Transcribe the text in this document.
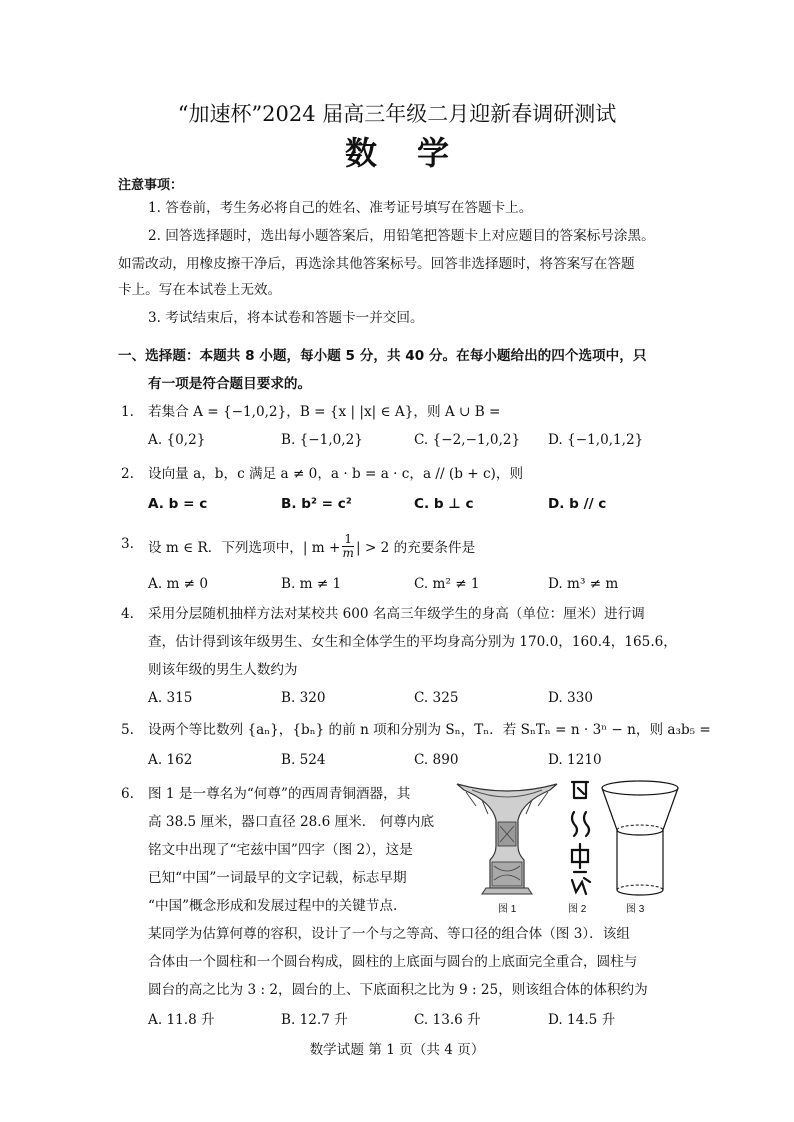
“加速杯”2024 届高三年级二月迎新春调研测试
数学
注意事项：
1. 答卷前，考生务必将自己的姓名、准考证号填写在答题卡上。
2. 回答选择题时，选出每小题答案后，用铅笔把答题卡上对应题目的答案标号涂黑。
如需改动，用橡皮擦干净后，再选涂其他答案标号。回答非选择题时，将答案写在答题
卡上。写在本试卷上无效。
3. 考试结束后，将本试卷和答题卡一并交回。
一、选择题：本题共 8 小题，每小题 5 分，共 40 分。在每小题给出的四个选项中，只
有一项是符合题目要求的。
1. 若集合 A = {−1,0,2}，B = {x | |x| ∈ A}，则 A ∪ B =
A. {0,2}	B. {−1,0,2}	C. {−2,−1,0,2} D. {−1,0,1,2}
2. 设向量 a，b，c 满足 a ≠ 0，a · b = a · c，a // (b + c)，则
A. b = c	B. b² = c²	C. b ⊥ c	D. b // c
3. 设 m ∈ R．下列选项中，| $m + \frac{1}{m}$ | > 2 的充要条件是
A. m ≠ 0	B. m ≠ 1	C. m² ≠ 1	D. m³ ≠ m
4. 采用分层随机抽样方法对某校共 600 名高三年级学生的身高（单位：厘米）进行调
查，估计得到该年级男生、女生和全体学生的平均身高分别为 170.0，160.4，165.6，
则该年级的男生人数约为
A. 315	B. 320	C. 325	D. 330
5. 设两个等比数列 {aₙ}，{bₙ} 的前 n 项和分别为 Sₙ，Tₙ．若 SₙTₙ = n · 3ⁿ − n，则 a₃b₅ =
A. 162	B. 524	C. 890	D. 1210
6. 图 1 是一尊名为“何尊”的西周青铜酒器，其
高 38.5 厘米，器口直径 28.6 厘米． 何尊内底
铭文中出现了“宅兹中国”四字（图 2），这是
已知“中国”一词最早的文字记载，标志早期
“中国”概念形成和发展过程中的关键节点.
某同学为估算何尊的容积，设计了一个与之等高、等口径的组合体（图 3）．该组
合体由一个圆柱和一个圆台构成，圆柱的上底面与圆台的上底面完全重合，圆柱与
圆台的高之比为 3 : 2，圆台的上、下底面积之比为 9 : 25，则该组合体的体积约为
A. 11.8 升	B. 12.7 升	C. 13.6 升	D. 14.5 升
图 1	图 2	图 3
数学试题 第 1 页（共 4 页）
